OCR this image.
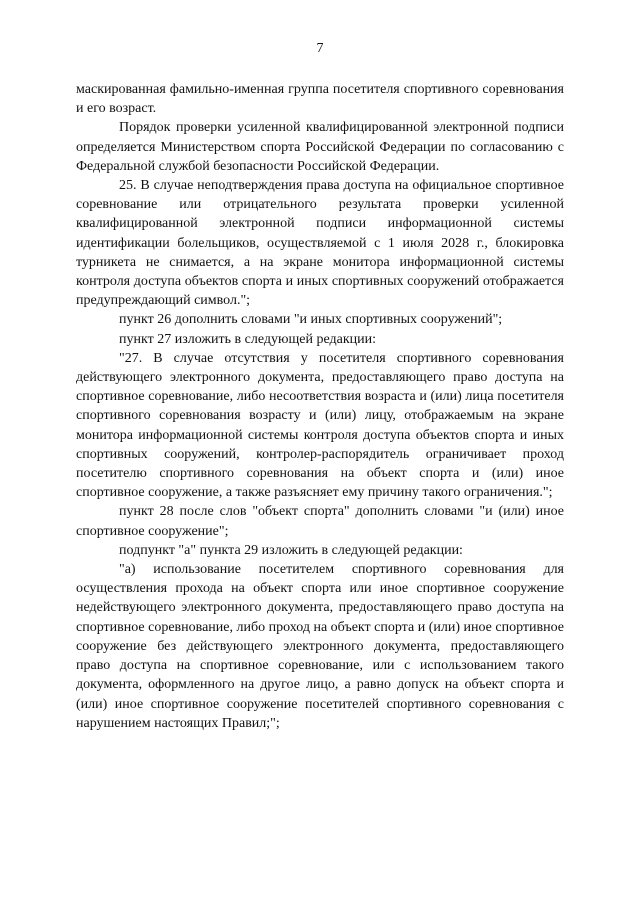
7

маскированная фамильно-именная группа посетителя спортивного соревнования и его возраст.

Порядок проверки усиленной квалифицированной электронной подписи определяется Министерством спорта Российской Федерации по согласованию с Федеральной службой безопасности Российской Федерации.

25. В случае неподтверждения права доступа на официальное спортивное соревнование или отрицательного результата проверки усиленной квалифицированной электронной подписи информационной системы идентификации болельщиков, осуществляемой с 1 июля 2028 г., блокировка турникета не снимается, а на экране монитора информационной системы контроля доступа объектов спорта и иных спортивных сооружений отображается предупреждающий символ.";

пункт 26 дополнить словами "и иных спортивных сооружений";

пункт 27 изложить в следующей редакции:

"27. В случае отсутствия у посетителя спортивного соревнования действующего электронного документа, предоставляющего право доступа на спортивное соревнование, либо несоответствия возраста и (или) лица посетителя спортивного соревнования возрасту и (или) лицу, отображаемым на экране монитора информационной системы контроля доступа объектов спорта и иных спортивных сооружений, контролер-распорядитель ограничивает проход посетителю спортивного соревнования на объект спорта и (или) иное спортивное сооружение, а также разъясняет ему причину такого ограничения.";

пункт 28 после слов "объект спорта" дополнить словами "и (или) иное спортивное сооружение";

подпункт "а" пункта 29 изложить в следующей редакции:

"а) использование посетителем спортивного соревнования для осуществления прохода на объект спорта или иное спортивное сооружение недействующего электронного документа, предоставляющего право доступа на спортивное соревнование, либо проход на объект спорта и (или) иное спортивное сооружение без действующего электронного документа, предоставляющего право доступа на спортивное соревнование, или с использованием такого документа, оформленного на другое лицо, а равно допуск на объект спорта и (или) иное спортивное сооружение посетителей спортивного соревнования с нарушением настоящих Правил;";
